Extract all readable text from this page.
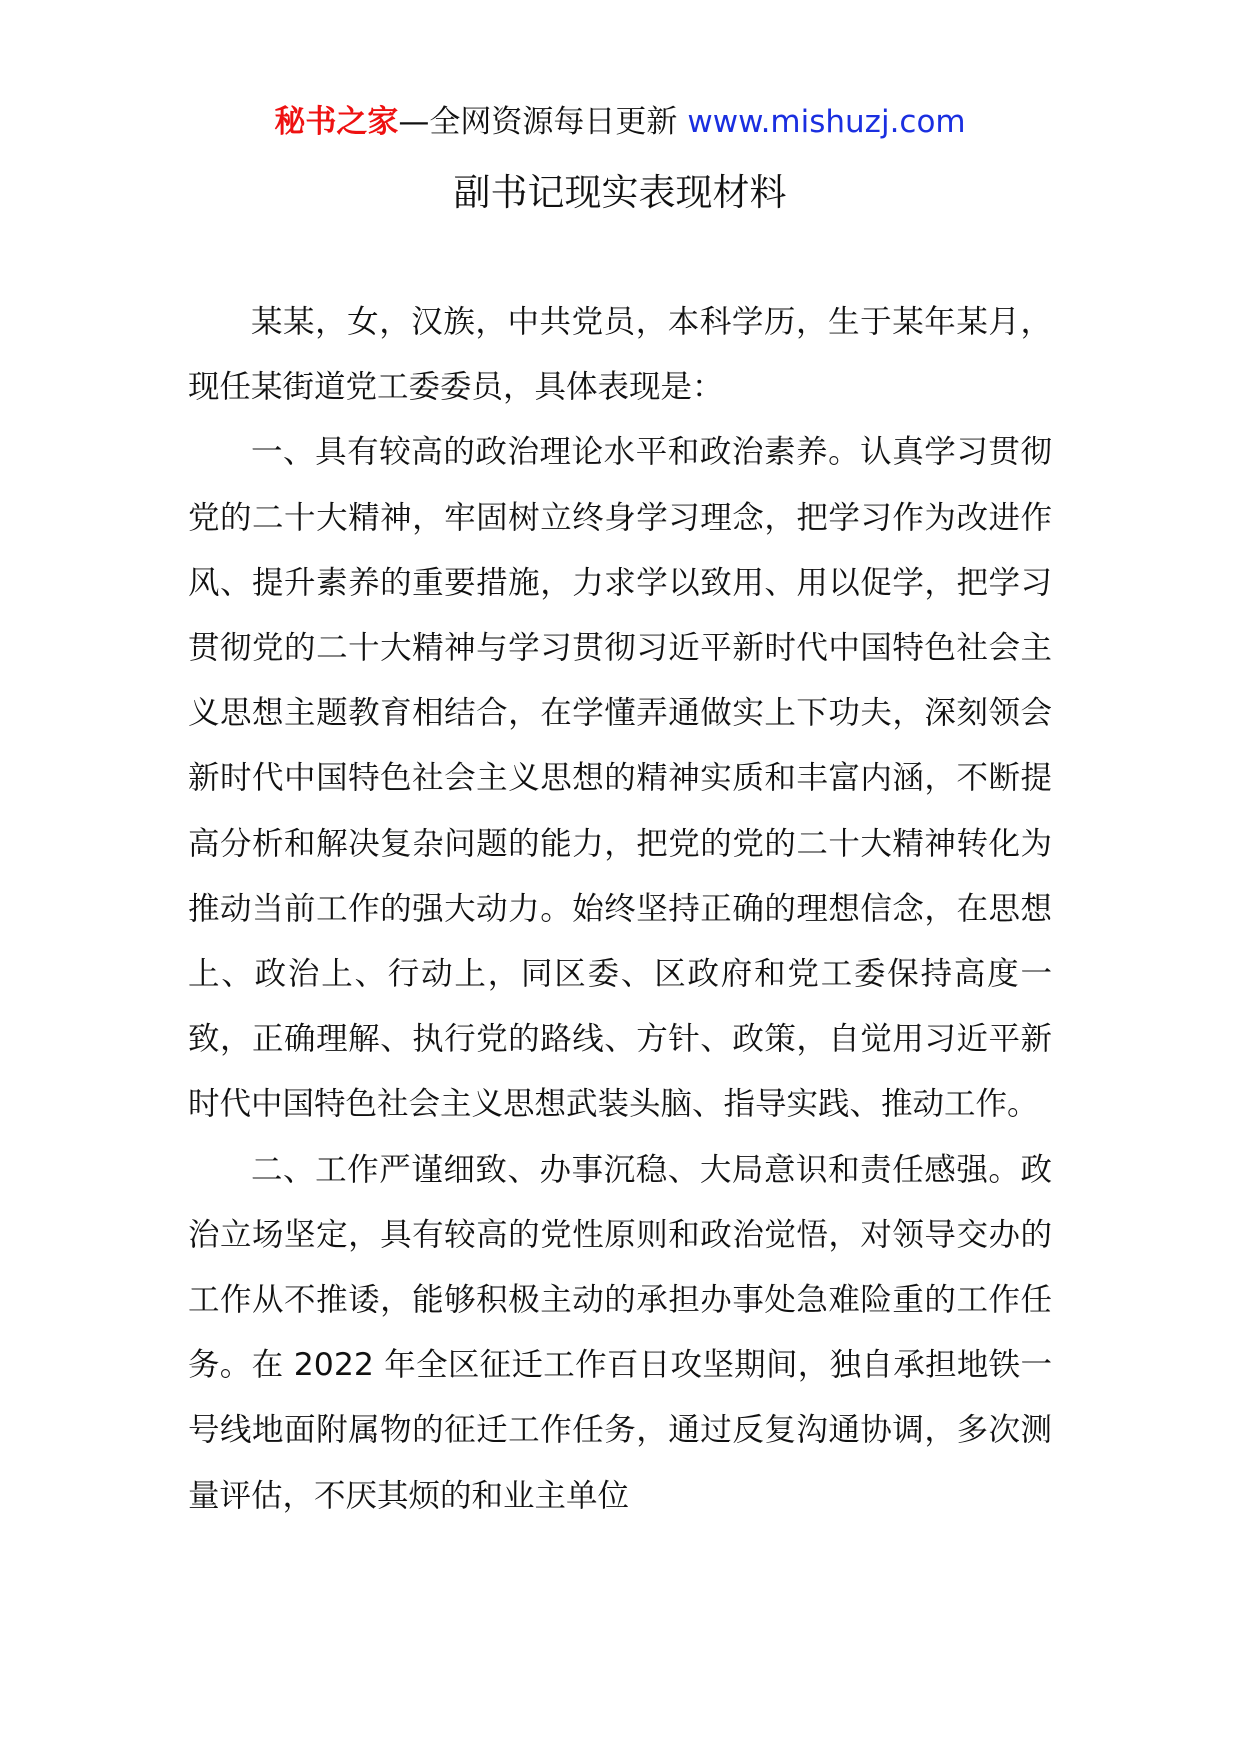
秘书之家—全网资源每日更新 www.mishuzj.com
副书记现实表现材料

某某，女，汉族，中共党员，本科学历，生于某年某月，现任某街道党工委委员，具体表现是：

一、具有较高的政治理论水平和政治素养。认真学习贯彻党的二十大精神，牢固树立终身学习理念，把学习作为改进作风、提升素养的重要措施，力求学以致用、用以促学，把学习贯彻党的二十大精神与学习贯彻习近平新时代中国特色社会主义思想主题教育相结合，在学懂弄通做实上下功夫，深刻领会新时代中国特色社会主义思想的精神实质和丰富内涵，不断提高分析和解决复杂问题的能力，把党的党的二十大精神转化为推动当前工作的强大动力。始终坚持正确的理想信念，在思想上、政治上、行动上，同区委、区政府和党工委保持高度一致，正确理解、执行党的路线、方针、政策，自觉用习近平新时代中国特色社会主义思想武装头脑、指导实践、推动工作。

二、工作严谨细致、办事沉稳、大局意识和责任感强。政治立场坚定，具有较高的党性原则和政治觉悟，对领导交办的工作从不推诿，能够积极主动的承担办事处急难险重的工作任务。在 2022 年全区征迁工作百日攻坚期间，独自承担地铁一号线地面附属物的征迁工作任务，通过反复沟通协调，多次测量评估，不厌其烦的和业主单位
